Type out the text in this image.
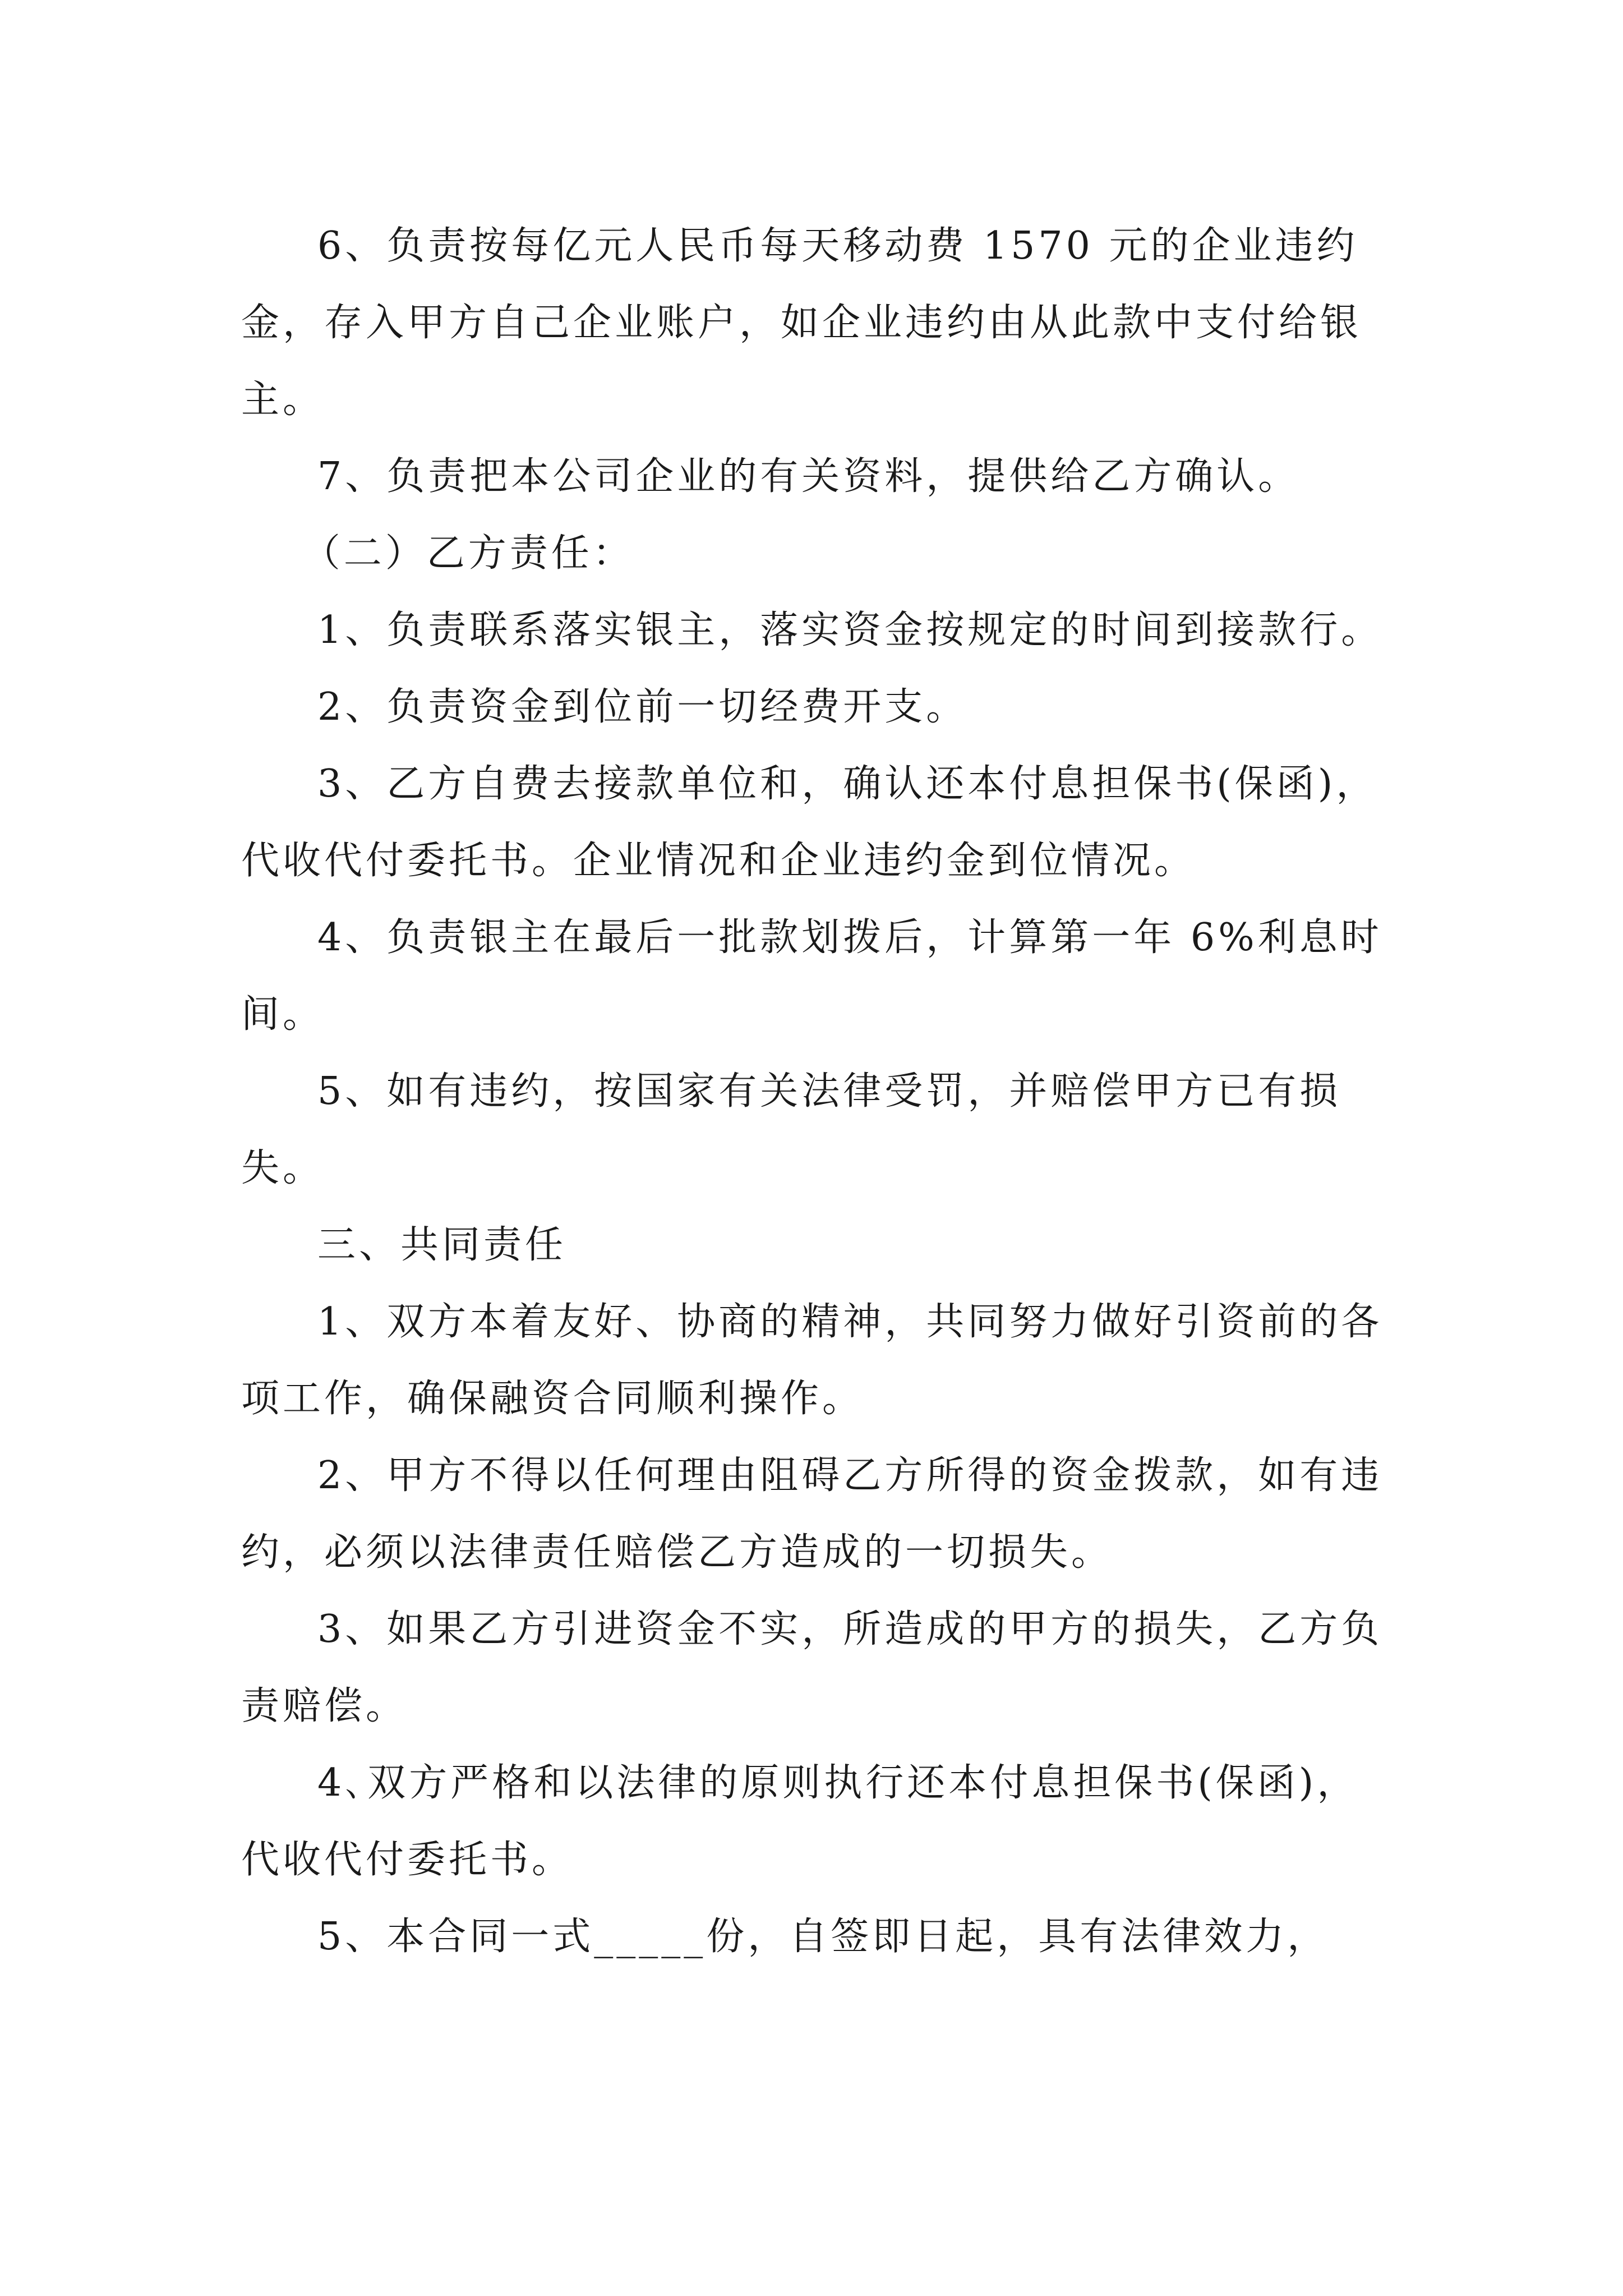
6、负责按每亿元人民币每天移动费 1570 元的企业违约金，存入甲方自己企业账户，如企业违约由从此款中支付给银主。

7、负责把本公司企业的有关资料，提供给乙方确认。

（二）乙方责任：

1、负责联系落实银主，落实资金按规定的时间到接款行。

2、负责资金到位前一切经费开支。

3、乙方自费去接款单位和，确认还本付息担保书(保函)，代收代付委托书。企业情况和企业违约金到位情况。

4、负责银主在最后一批款划拨后，计算第一年 6%利息时间。

5、如有违约，按国家有关法律受罚，并赔偿甲方已有损失。

三、共同责任

1、双方本着友好、协商的精神，共同努力做好引资前的各项工作，确保融资合同顺利操作。

2、甲方不得以任何理由阻碍乙方所得的资金拨款，如有违约，必须以法律责任赔偿乙方造成的一切损失。

3、如果乙方引进资金不实，所造成的甲方的损失，乙方负责赔偿。

4､双方严格和以法律的原则执行还本付息担保书(保函)，代收代付委托书。

5、本合同一式_____份，自签即日起，具有法律效力，
